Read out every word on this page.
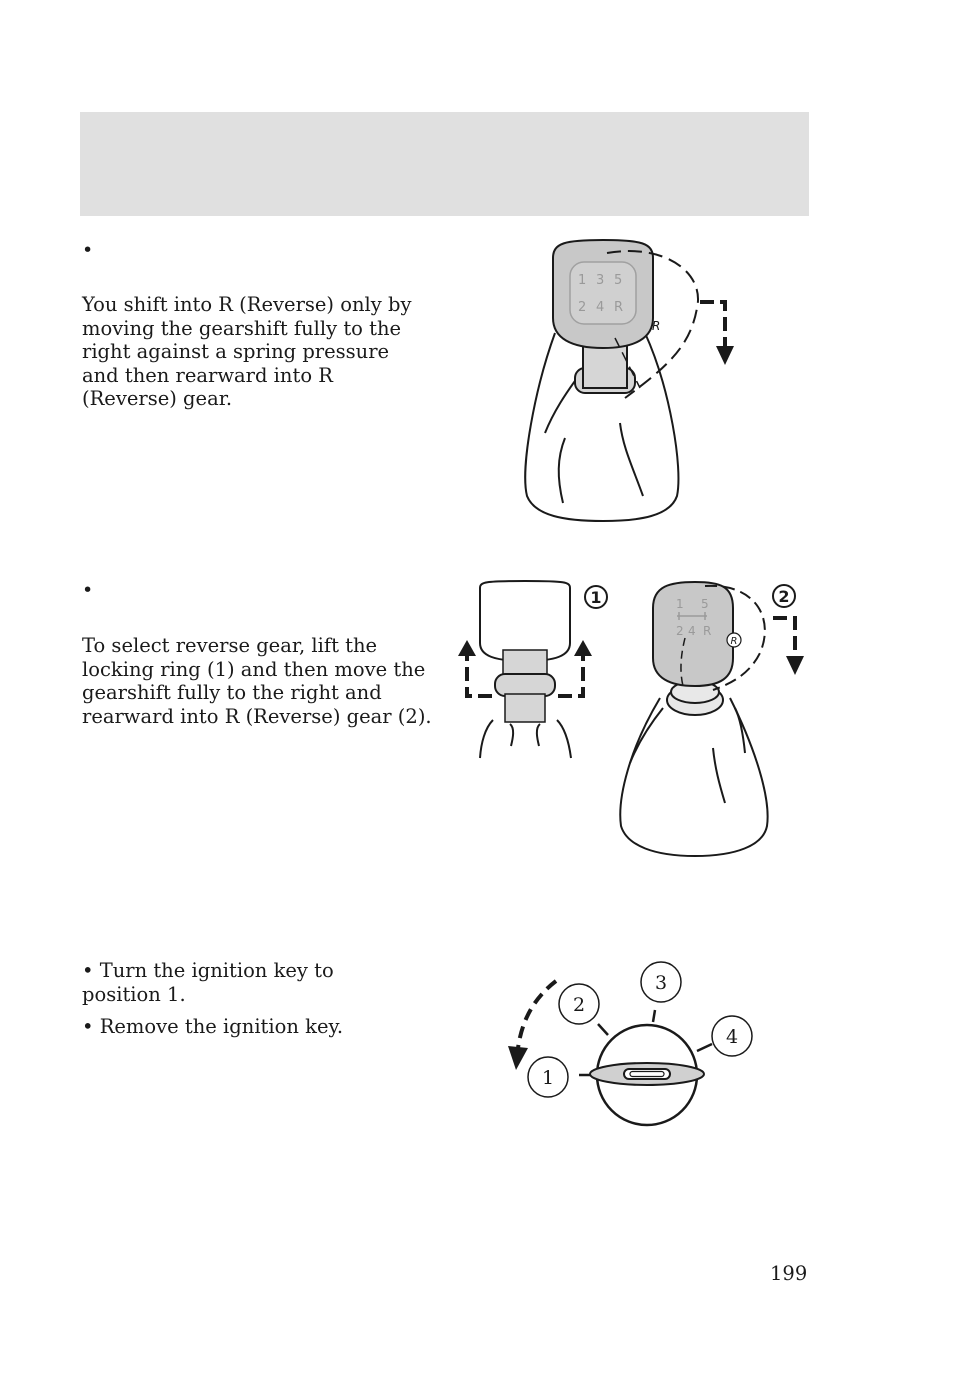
•

You shift into R (Reverse) only by moving the gearshift fully to the right against a spring pressure and then rearward into R (Reverse) gear.

1 3 5
2 4 R
R
•

To select reverse gear, lift the locking ring (1) and then move the gearshift fully to the right and rearward into R (Reverse) gear (2).

1	1 5
2 4 R
R
2
• Turn the ignition key to position 1.
• Remove the ignition key.
1
2
3
4
199
